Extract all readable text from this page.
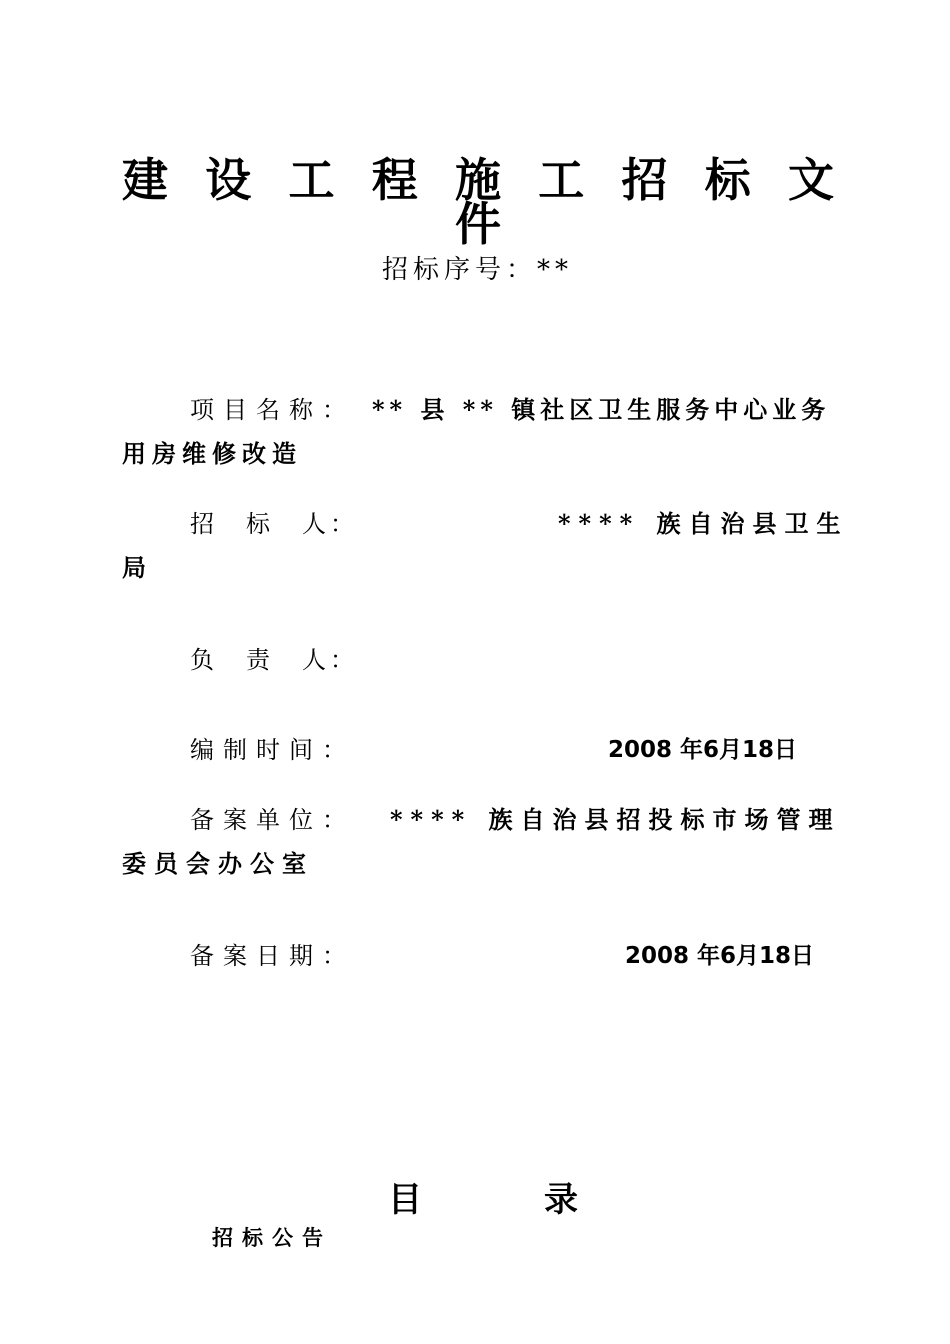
建 设 工 程 施 工 招 标 文
件
招标序号：**
项目名称： ** 县 ** 镇社区卫生服务中心业务
用房维修改造
招　标　人：	**** 族自治县卫生
局
负　责　人：
编制时间：	2008 年6月18日
备案单位： **** 族自治县招投标市场管理
委员会办公室
备案日期：	2008 年6月18日
目	录
招标公告
